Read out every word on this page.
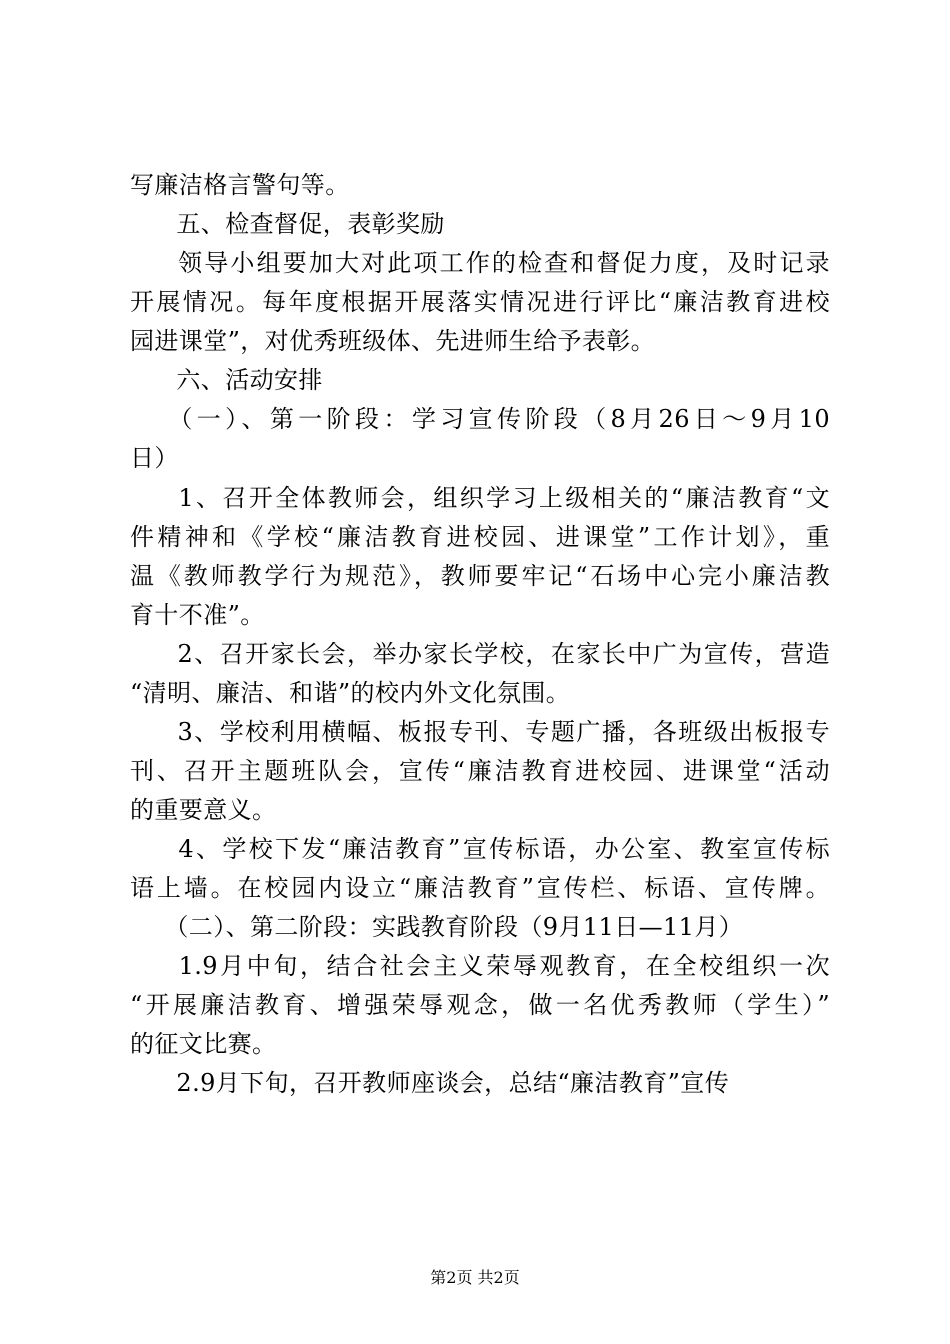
写廉洁格言警句等。
　五、检查督促，表彰奖励
　领导小组要加大对此项工作的检查和督促力度，及时记录
开展情况。每年度根据开展落实情况进行评比“廉洁教育进校
园进课堂”，对优秀班级体、先进师生给予表彰。
　六、活动安排
　（一）、第一阶段：学习宣传阶段（8月26日～9月10
日）
　1、召开全体教师会，组织学习上级相关的“廉洁教育“文
件精神和《学校“廉洁教育进校园、进课堂”工作计划》，重
温《教师教学行为规范》，教师要牢记“石场中心完小廉洁教
育十不准”。
　2、召开家长会，举办家长学校，在家长中广为宣传，营造
“清明、廉洁、和谐”的校内外文化氛围。
　3、学校利用横幅、板报专刊、专题广播，各班级出板报专
刊、召开主题班队会，宣传“廉洁教育进校园、进课堂“活动
的重要意义。
　4、学校下发“廉洁教育”宣传标语，办公室、教室宣传标
语上墙。在校园内设立“廉洁教育”宣传栏、标语、宣传牌。
　（二）、第二阶段：实践教育阶段（9月11日—11月）
　1.9月中旬，结合社会主义荣辱观教育，在全校组织一次
“开展廉洁教育、增强荣辱观念，做一名优秀教师（学生）”
的征文比赛。
　2.9月下旬，召开教师座谈会，总结“廉洁教育”宣传
第2页 共2页
